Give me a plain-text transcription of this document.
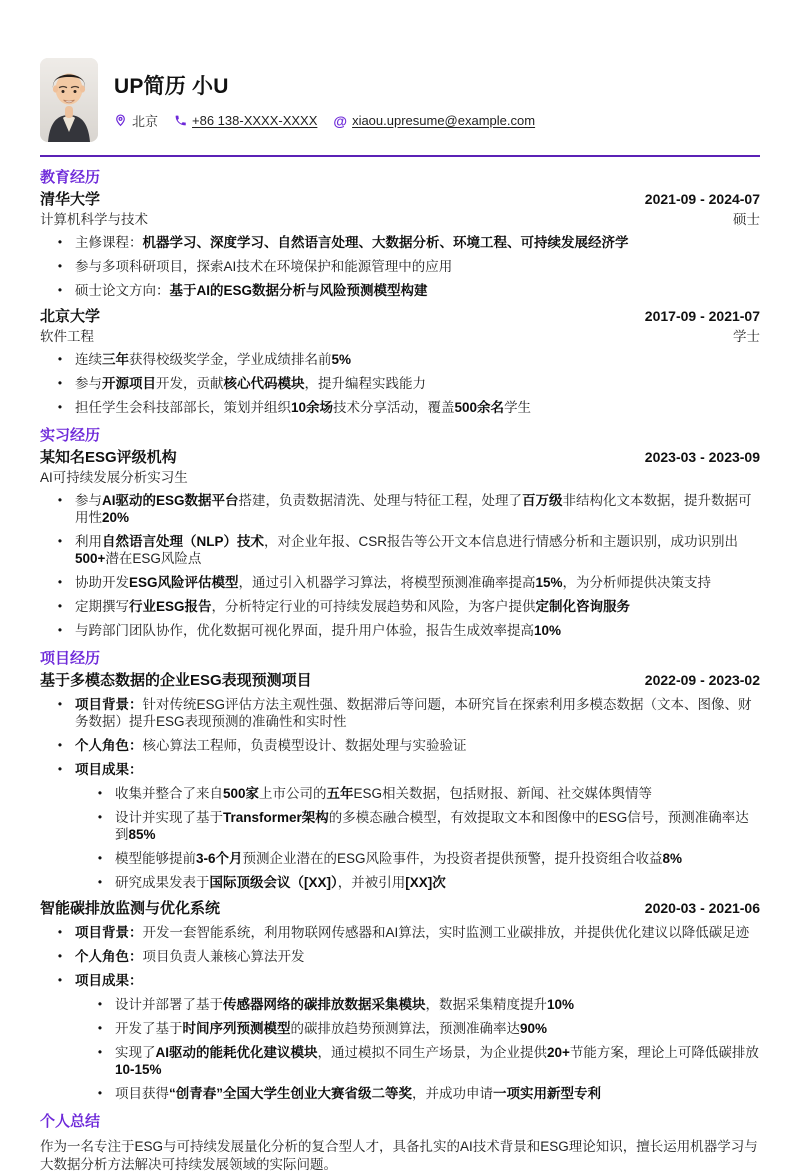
UP简历 小U
北京	+86 138-XXXX-XXXX @ xiaou.upresume@example.com
教育经历
清华大学	2021-09 - 2024-07
计算机科学与技术	硕士
• 主修课程：机器学习、深度学习、自然语言处理、大数据分析、环境工程、可持续发展经济学
• 参与多项科研项目，探索AI技术在环境保护和能源管理中的应用
• 硕士论文方向：基于AI的ESG数据分析与风险预测模型构建
北京大学	2017-09 - 2021-07
软件工程	学士
• 连续三年获得校级奖学金，学业成绩排名前5%
• 参与开源项目开发，贡献核心代码模块，提升编程实践能力
• 担任学生会科技部部长，策划并组织10余场技术分享活动，覆盖500余名学生
实习经历
某知名ESG评级机构	2023-03 - 2023-09
AI可持续发展分析实习生
• 参与AI驱动的ESG数据平台搭建，负责数据清洗、处理与特征工程，处理了百万级非结构化文本数据，提升数据可用性20%
• 利用自然语言处理（NLP）技术，对企业年报、CSR报告等公开文本信息进行情感分析和主题识别，成功识别出500+潜在ESG风险点
• 协助开发ESG风险评估模型，通过引入机器学习算法，将模型预测准确率提高15%，为分析师提供决策支持
• 定期撰写行业ESG报告，分析特定行业的可持续发展趋势和风险，为客户提供定制化咨询服务
• 与跨部门团队协作，优化数据可视化界面，提升用户体验，报告生成效率提高10%
项目经历
基于多模态数据的企业ESG表现预测项目	2022-09 - 2023-02
• 项目背景：针对传统ESG评估方法主观性强、数据滞后等问题，本研究旨在探索利用多模态数据（文本、图像、财务数据）提升ESG表现预测的准确性和实时性
• 个人角色：核心算法工程师，负责模型设计、数据处理与实验验证
• 项目成果：
• 收集并整合了来自500家上市公司的五年ESG相关数据，包括财报、新闻、社交媒体舆情等
• 设计并实现了基于Transformer架构的多模态融合模型，有效提取文本和图像中的ESG信号，预测准确率达到85%
• 模型能够提前3-6个月预测企业潜在的ESG风险事件，为投资者提供预警，提升投资组合收益8%
• 研究成果发表于国际顶级会议（[XX]），并被引用[XX]次
智能碳排放监测与优化系统	2020-03 - 2021-06
• 项目背景：开发一套智能系统，利用物联网传感器和AI算法，实时监测工业碳排放，并提供优化建议以降低碳足迹
• 个人角色：项目负责人兼核心算法开发
• 项目成果：
• 设计并部署了基于传感器网络的碳排放数据采集模块，数据采集精度提升10%
• 开发了基于时间序列预测模型的碳排放趋势预测算法，预测准确率达90%
• 实现了AI驱动的能耗优化建议模块，通过模拟不同生产场景，为企业提供20+节能方案，理论上可降低碳排放10-15%
• 项目获得“创青春”全国大学生创业大赛省级二等奖，并成功申请一项实用新型专利
个人总结

作为一名专注于ESG与可持续发展量化分析的复合型人才，具备扎实的AI技术背景和ESG理论知识，擅长运用机器学习与大数据分析方法解决可持续发展领域的实际问题。
